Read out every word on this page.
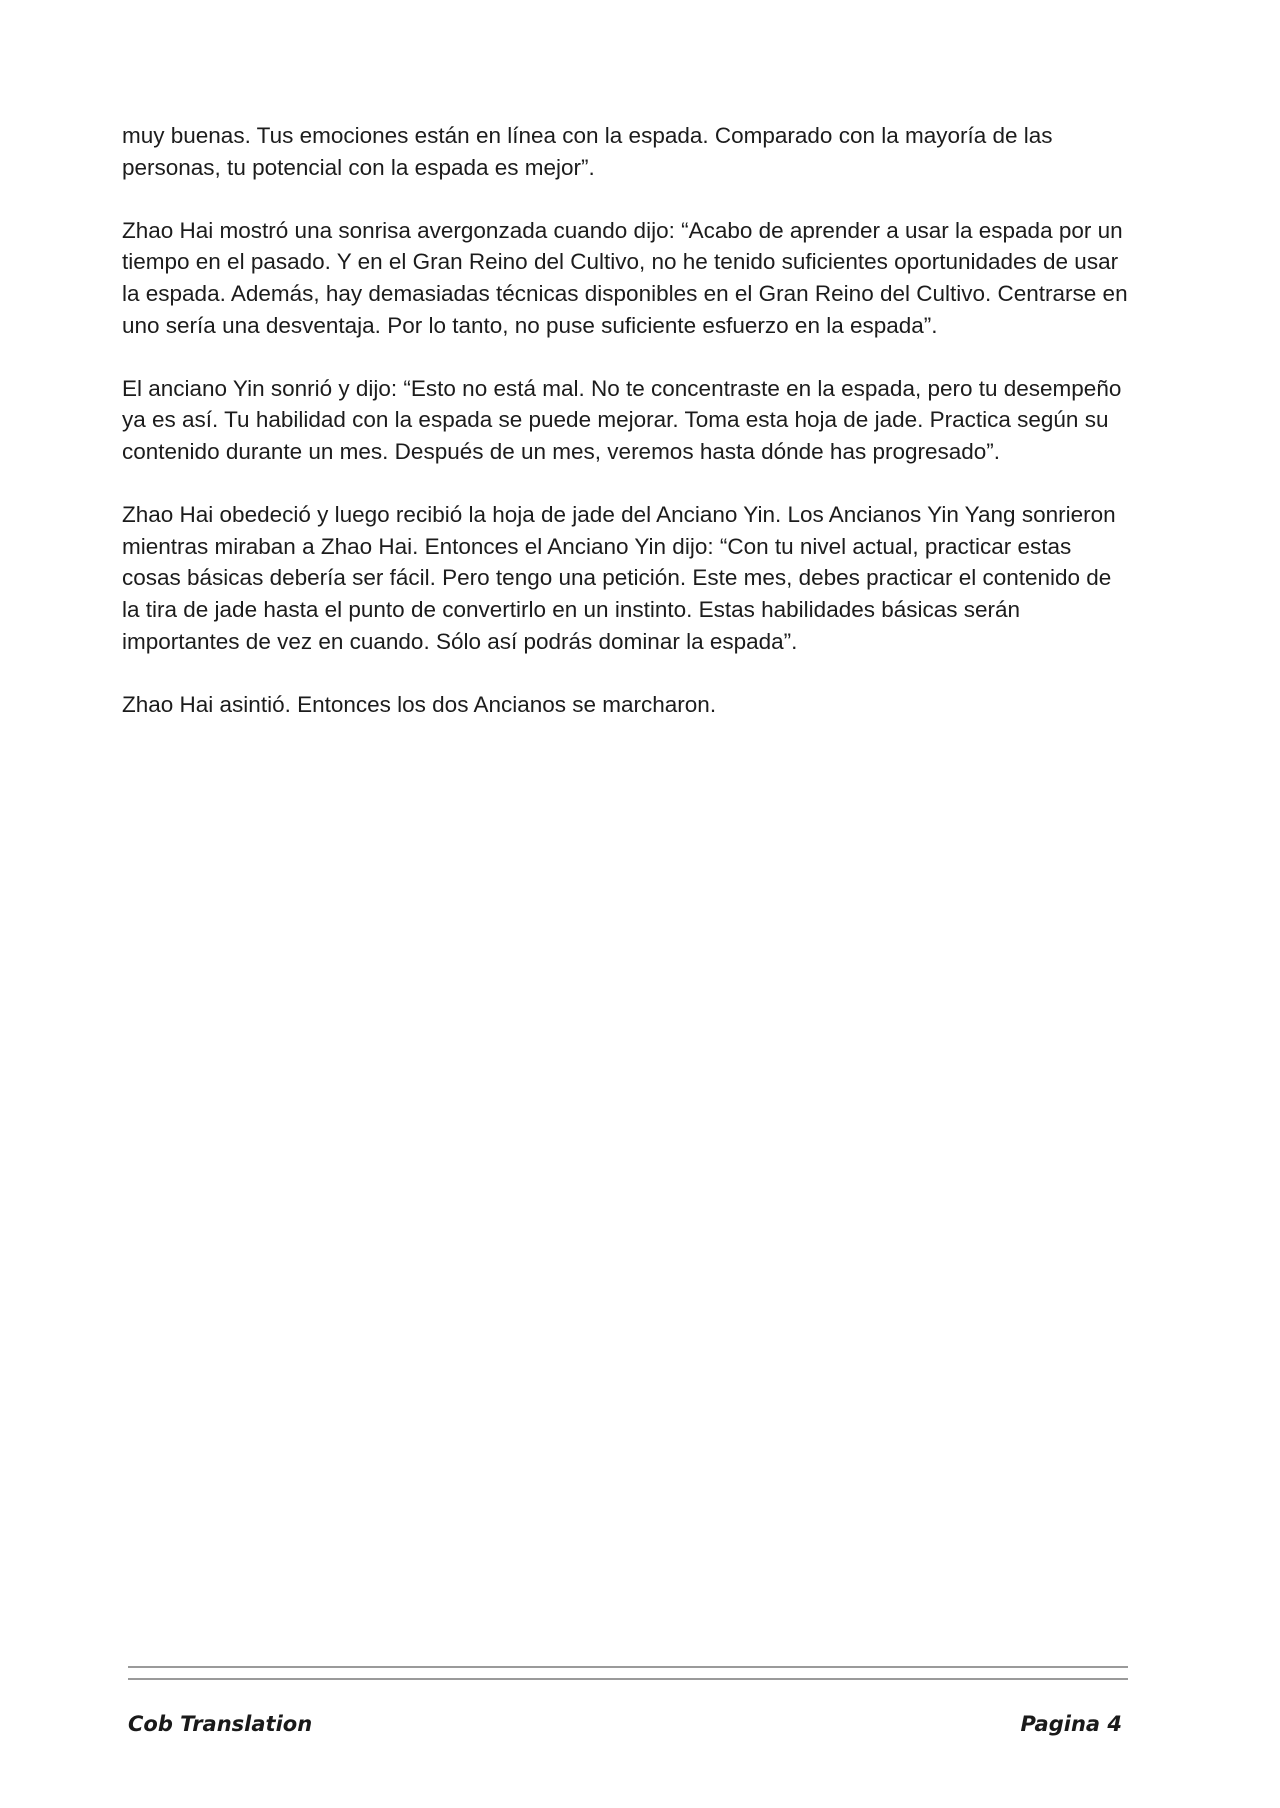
muy buenas. Tus emociones están en línea con la espada. Comparado con la mayoría de las personas, tu potencial con la espada es mejor”.

Zhao Hai mostró una sonrisa avergonzada cuando dijo: “Acabo de aprender a usar la espada por un tiempo en el pasado. Y en el Gran Reino del Cultivo, no he tenido suficientes oportunidades de usar la espada. Además, hay demasiadas técnicas disponibles en el Gran Reino del Cultivo. Centrarse en uno sería una desventaja. Por lo tanto, no puse suficiente esfuerzo en la espada”.

El anciano Yin sonrió y dijo: “Esto no está mal. No te concentraste en la espada, pero tu desempeño ya es así. Tu habilidad con la espada se puede mejorar. Toma esta hoja de jade. Practica según su contenido durante un mes. Después de un mes, veremos hasta dónde has progresado”.

Zhao Hai obedeció y luego recibió la hoja de jade del Anciano Yin. Los Ancianos Yin Yang sonrieron mientras miraban a Zhao Hai. Entonces el Anciano Yin dijo: “Con tu nivel actual, practicar estas cosas básicas debería ser fácil. Pero tengo una petición. Este mes, debes practicar el contenido de la tira de jade hasta el punto de convertirlo en un instinto. Estas habilidades básicas serán importantes de vez en cuando. Sólo así podrás dominar la espada”.

Zhao Hai asintió. Entonces los dos Ancianos se marcharon.

Cob Translation	Pagina 4
